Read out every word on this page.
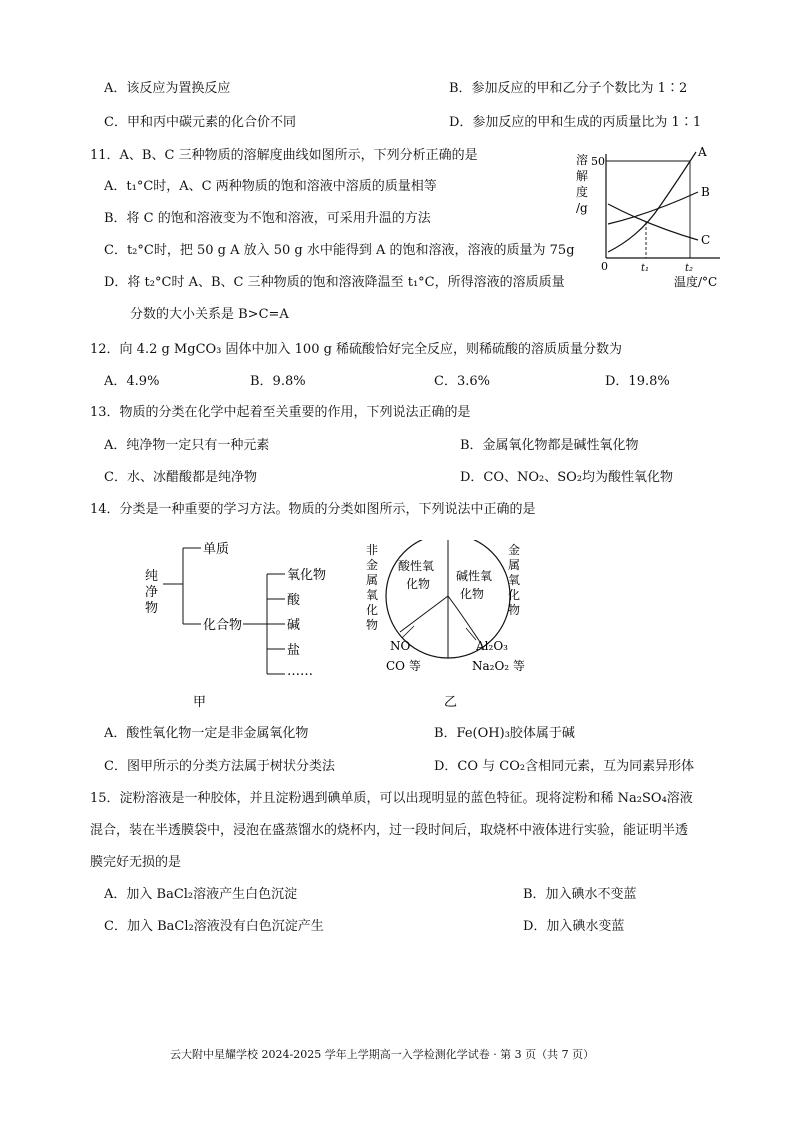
A．该反应为置换反应	B．参加反应的甲和乙分子个数比为 1∶2
C．甲和丙中碳元素的化合价不同	D．参加反应的甲和生成的丙质量比为 1∶1
11．A、B、C 三种物质的溶解度曲线如图所示，下列分析正确的是
A．t₁°C时，A、C 两种物质的饱和溶液中溶质的质量相等
B．将 C 的饱和溶液变为不饱和溶液，可采用升温的方法
C．t₂°C时，把 50 g A 放入 50 g 水中能得到 A 的饱和溶液，溶液的质量为 75g
D．将 t₂°C时 A、B、C 三种物质的饱和溶液降温至 t₁°C，所得溶液的溶质质量
分数的大小关系是 B>C=A
溶
解
度
/g
50
A
B
C
0	t₁	t₂
温度/°C
12．向 4.2 g MgCO₃ 固体中加入 100 g 稀硫酸恰好完全反应，则稀硫酸的溶质质量分数为
A．4.9%	B．9.8%	C．3.6%	D．19.8%
13．物质的分类在化学中起着至关重要的作用，下列说法正确的是
A．纯净物一定只有一种元素	B．金属氧化物都是碱性氧化物
C．水、冰醋酸都是纯净物	D．CO、NO₂、SO₂均为酸性氧化物
14．分类是一种重要的学习方法。物质的分类如图所示，下列说法中正确的是
纯
净
物
单质
化合物
氧化物
酸
碱
盐
……
甲
非
金
属
氧
化
物
酸性氧
化物
碱性氧
化物
金
属
氧
化
物
NO
CO 等
Al₂O₃
Na₂O₂ 等
乙
A．酸性氧化物一定是非金属氧化物	B．Fe(OH)₃胶体属于碱
C．图甲所示的分类方法属于树状分类法	D．CO 与 CO₂含相同元素，互为同素异形体
15．淀粉溶液是一种胶体，并且淀粉遇到碘单质，可以出现明显的蓝色特征。现将淀粉和稀 Na₂SO₄溶液
混合，装在半透膜袋中，浸泡在盛蒸馏水的烧杯内，过一段时间后，取烧杯中液体进行实验，能证明半透
膜完好无损的是
A．加入 BaCl₂溶液产生白色沉淀	B．加入碘水不变蓝
C．加入 BaCl₂溶液没有白色沉淀产生	D．加入碘水变蓝
云大附中星耀学校 2024-2025 学年上学期高一入学检测化学试卷 · 第 3 页（共 7 页）
